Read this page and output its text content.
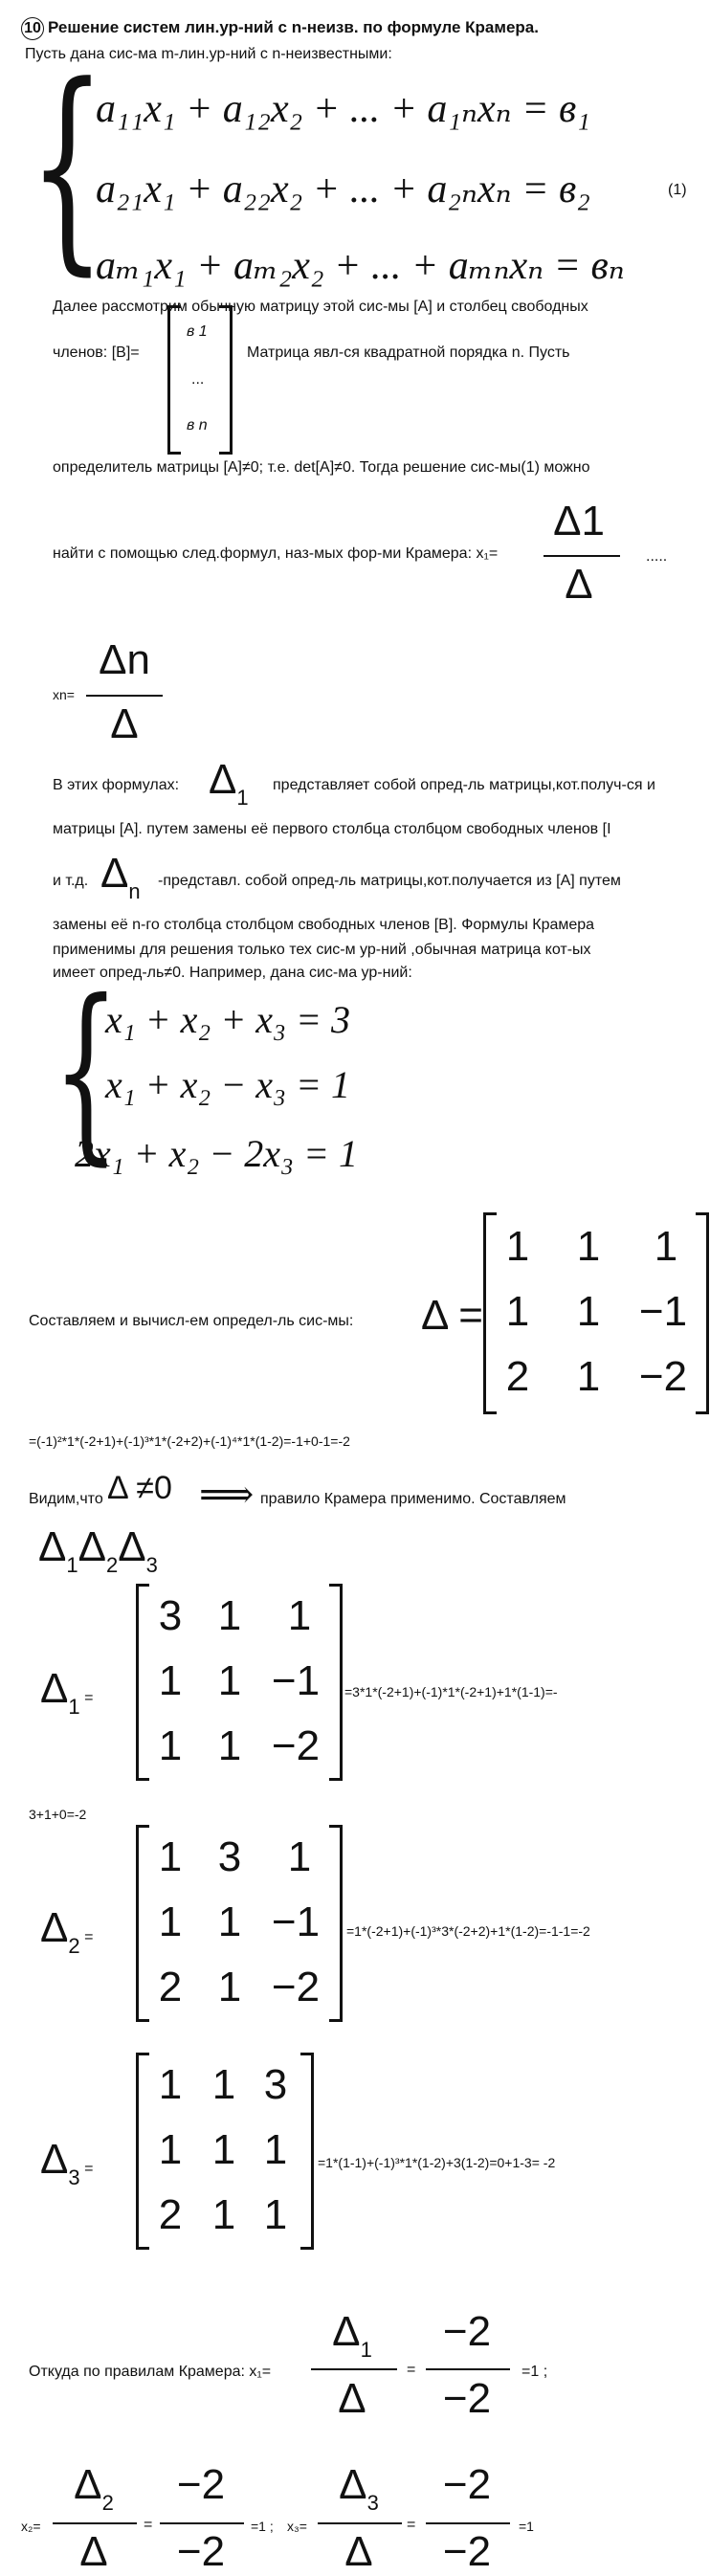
10 Решение систем лин.ур-ний с n-неизв. по формуле Крамера.
Пусть дана сис-ма m-лин.ур-ний с n-неизвестными:
{
a₁₁x₁ + a₁₂x₂ + ... + a₁ₙxₙ = в₁
a₂₁x₁ + a₂₂x₂ + ... + a₂ₙxₙ = в₂
aₘ₁x₁ + aₘ₂x₂ + ... + aₘₙxₙ = вₙ
(1)
Далее рассмотрим обычную матрицу этой сис-мы [A] и столбец свободных
членов: [B]=
в 1
...
в n
Матрица явл-ся квадратной порядка n. Пусть
определитель матрицы [A]≠0; т.е. det[A]≠0. Тогда решение сис-мы(1) можно
найти с помощью след.формул, наз-мых фор-ми Крамера: x₁=
Δ1
Δ
.....
xn=
Δn
Δ
В этих формулах: $\Delta_1$
представляет собой опред-ль матрицы,кот.получ-ся и
матрицы [A]. путем замены её первого столбца столбцом свободных членов [I
и т.д. $\Delta_n$ -представл. собой опред-ль матрицы,кот.получается из [A] путем
замены её n-го столбца столбцом свободных членов [B]. Формулы Крамера
применимы для решения только тех сис-м ур-ний ,обычная матрица кот-ых
имеет опред-ль≠0. Например, дана сис-ма ур-ний:
{
x₁ + x₂ + x₃ = 3
x₁ + x₂ − x₃ = 1
2x₁ + x₂ − 2x₃ = 1
Составляем и вычисл-ем определ-ль сис-мы: Δ =
1 1	1
1 1 −1
2 1 −2
=(-1)²*1*(-2+1)+(-1)³*1*(-2+2)+(-1)⁴*1*(1-2)=-1+0-1=-2
Видим,что Δ ≠0 ⟹ правило Крамера применимо. Составляем
$\Delta_1\Delta_2\Delta_3$
$\Delta_1$ =
3 1	1
1 1 −1
1 1 −2
=3*1*(-2+1)+(-1)*1*(-2+1)+1*(1-1)=-
3+1+0=-2
$\Delta_2$ =
1 3	1
1 1 −1
2 1 −2
=1*(-2+1)+(-1)³*3*(-2+2)+1*(1-2)=-1-1=-2
$\Delta_3$ =
1 1 3
1 1 1
2 1 1
=1*(1-1)+(-1)³*1*(1-2)+3(1-2)=0+1-3= -2
Откуда по правилам Крамера: x₁=
$\Delta_1$
Δ
=
−2
−2
=1 ;
x₂=
$\Delta_2$
Δ
=
−2
−2
=1 ; x₃=
$\Delta_3$
Δ
=
−2
−2
=1
